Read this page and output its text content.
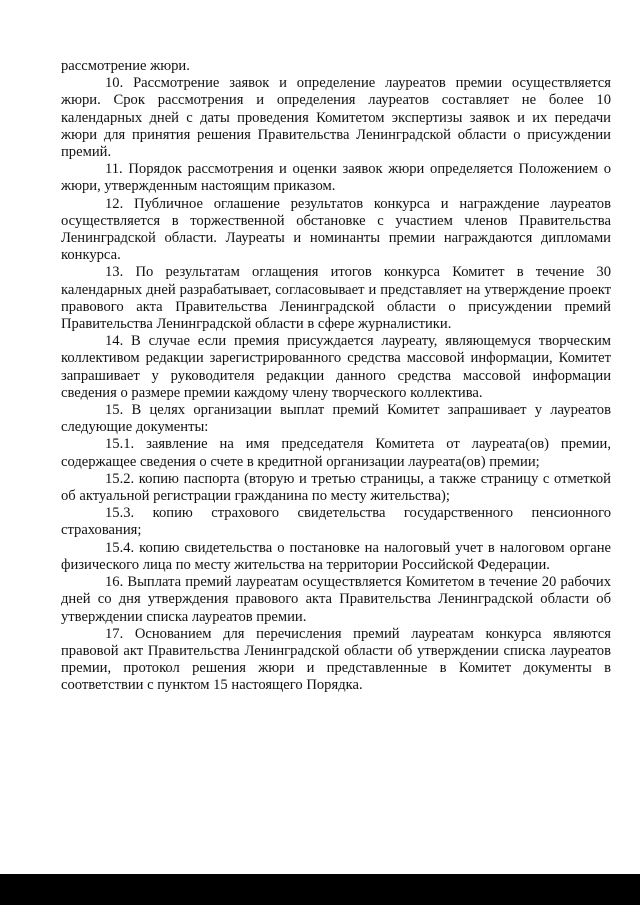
рассмотрение жюри.

10. Рассмотрение заявок и определение лауреатов премии осуществляется жюри. Срок рассмотрения и определения лауреатов составляет не более 10 календарных дней с даты проведения Комитетом экспертизы заявок и их передачи жюри для принятия решения Правительства Ленинградской области о присуждении премий.

11. Порядок рассмотрения и оценки заявок жюри определяется Положением о жюри, утвержденным настоящим приказом.

12. Публичное оглашение результатов конкурса и награждение лауреатов осуществляется в торжественной обстановке с участием членов Правительства Ленинградской области. Лауреаты и номинанты премии награждаются дипломами конкурса.

13. По результатам оглащения итогов конкурса Комитет в течение 30 календарных дней разрабатывает, согласовывает и представляет на утверждение проект правового акта Правительства Ленинградской области о присуждении премий Правительства Ленинградской области в сфере журналистики.

14. В случае если премия присуждается лауреату, являющемуся творческим коллективом редакции зарегистрированного средства массовой информации, Комитет запрашивает у руководителя редакции данного средства массовой информации сведения о размере премии каждому члену творческого коллектива.

15. В целях организации выплат премий Комитет запрашивает у лауреатов следующие документы:

15.1. заявление на имя председателя Комитета от лауреата(ов) премии, содержащее сведения о счете в кредитной организации лауреата(ов) премии;

15.2. копию паспорта (вторую и третью страницы, а также страницу с отметкой об актуальной регистрации гражданина по месту жительства);

15.3. копию страхового свидетельства государственного пенсионного страхования;

15.4. копию свидетельства о постановке на налоговый учет в налоговом органе физического лица по месту жительства на территории Российской Федерации.

16. Выплата премий лауреатам осуществляется Комитетом в течение 20 рабочих дней со дня утверждения правового акта Правительства Ленинградской области об утверждении списка лауреатов премии.

17. Основанием для перечисления премий лауреатам конкурса являются правовой акт Правительства Ленинградской области об утверждении списка лауреатов премии, протокол решения жюри и представленные в Комитет документы в соответствии с пунктом 15 настоящего Порядка.
